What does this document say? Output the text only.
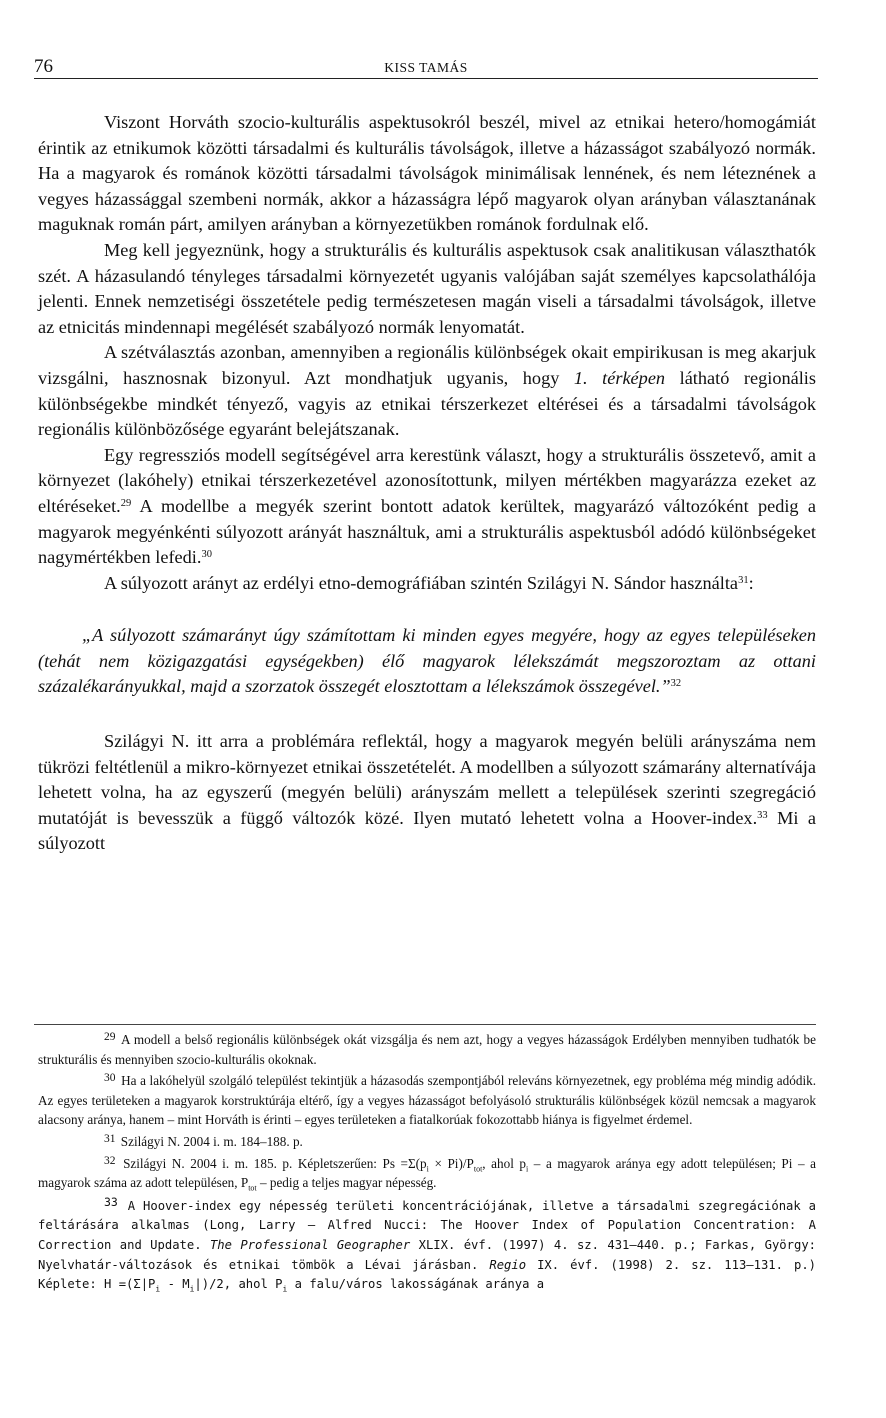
76	KISS TAMÁS

Viszont Horváth szocio-kulturális aspektusokról beszél, mivel az etnikai hetero/homogámiát érintik az etnikumok közötti társadalmi és kulturális távolságok, illetve a házasságot szabályozó normák. Ha a magyarok és románok közötti társadalmi távolságok minimálisak lennének, és nem léteznének a vegyes házassággal szembeni normák, akkor a házasságra lépő magyarok olyan arányban választanának maguknak román párt, amilyen arányban a környezetükben románok fordulnak elő.

Meg kell jegyeznünk, hogy a strukturális és kulturális aspektusok csak analitikusan választhatók szét. A házasulandó tényleges társadalmi környezetét ugyanis valójában saját személyes kapcsolathálója jelenti. Ennek nemzetiségi összetétele pedig természetesen magán viseli a társadalmi távolságok, illetve az etnicitás mindennapi megélését szabályozó normák lenyomatát.

A szétválasztás azonban, amennyiben a regionális különbségek okait empirikusan is meg akarjuk vizsgálni, hasznosnak bizonyul. Azt mondhatjuk ugyanis, hogy 1. térképen látható regionális különbségekbe mindkét tényező, vagyis az etnikai térszerkezet eltérései és a társadalmi távolságok regionális különbözősége egyaránt belejátszanak.

Egy regressziós modell segítségével arra kerestünk választ, hogy a strukturális összetevő, amit a környezet (lakóhely) etnikai térszerkezetével azonosítottunk, milyen mértékben magyarázza ezeket az eltéréseket.$^{29}$ A modellbe a megyék szerint bontott adatok kerültek, magyarázó változóként pedig a magyarok megyénkénti súlyozott arányát használtuk, ami a strukturális aspektusból adódó különbségeket nagymértékben lefedi.$^{30}$

A súlyozott arányt az erdélyi etno-demográfiában szintén Szilágyi N. Sándor használta$^{31}$:

„A súlyozott számarányt úgy számítottam ki minden egyes megyére, hogy az egyes településeken (tehát nem közigazgatási egységekben) élő magyarok lélekszámát megszoroztam az ottani százalékarányukkal, majd a szorzatok összegét elosztottam a lélekszámok összegével.”$^{32}$

Szilágyi N. itt arra a problémára reflektál, hogy a magyarok megyén belüli arányszáma nem tükrözi feltétlenül a mikro-környezet etnikai összetételét. A modellben a súlyozott számarány alternatívája lehetett volna, ha az egyszerű (megyén belüli) arányszám mellett a települések szerinti szegregáció mutatóját is bevesszük a függő változók közé. Ilyen mutató lehetett volna a Hoover-index.$^{33}$ Mi a súlyozott

29 A modell a belső regionális különbségek okát vizsgálja és nem azt, hogy a vegyes házasságok Erdélyben mennyiben tudhatók be strukturális és mennyiben szocio-kulturális okoknak.

30 Ha a lakóhelyül szolgáló települést tekintjük a házasodás szempontjából releváns környezetnek, egy probléma még mindig adódik. Az egyes területeken a magyarok korstruktúrája eltérő, így a vegyes házasságot befolyásoló strukturális különbségek közül nemcsak a magyarok alacsony aránya, hanem – mint Horváth is érinti – egyes területeken a fiatalkorúak fokozottabb hiánya is figyelmet érdemel.

31 Szilágyi N. 2004 i. m. 184–188. p.

32 Szilágyi N. 2004 i. m. 185. p. Képletszerűen: $Ps =\Sigma(p_i \times Pi)/P_{tot}$, ahol $p_i$ – a magyarok aránya egy adott településen; Pi – a magyarok száma az adott településen, $P_{tot}$ – pedig a teljes magyar népesség.

33 A Hoover-index egy népesség területi koncentrációjának, illetve a társadalmi szegregációnak a feltárására alkalmas (Long, Larry – Alfred Nucci: The Hoover Index of Population Concentration: A Correction and Update. The Professional Geographer XLIX. évf. (1997) 4. sz. 431–440. p.; Farkas, György: Nyelvhatár-változások és etnikai tömbök a Lévai járásban. Regio IX. évf. (1998) 2. sz. 113–131. p.) Képlete: $H =(\Sigma|P_i - M_i|)/2$, ahol $P_i$ a falu/város lakosságának aránya a
